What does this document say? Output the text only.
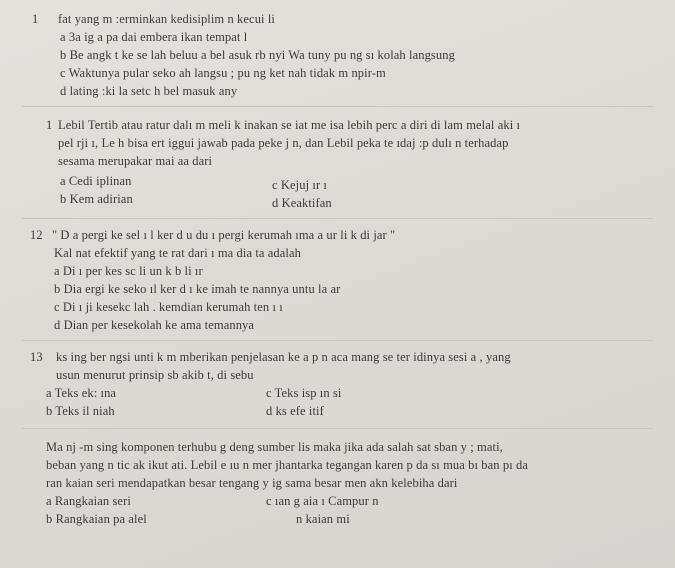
1 fat yang m :erminkan kedisiplim n kecui li
a 3a ig a pa dai embera ikan tempat l
b Be angk t ke se lah beluu a bel asuk rb nyi Wa tuny pu ng sı kolah langsung
c Waktunya pular seko ah langsu ; pu ng ket nah tidak m npir-m
d lating :ki la setc h bel masuk any
1 Lebil Tertib atau ratur dalı m meli k inakan se iat me isa lebih perc a diri di lam melal aki ı
pel rji ı, Le h bisa ert iggui jawab pada peke j n, dan Lebil peka te ıdaj :p dulı n terhadap
sesama merupakar mai aa dari
a Cedi iplinan	c Kejuj ır ı
b Kem adirian	d Keaktifan
12 " D a pergi ke sel ı l ker d u du ı pergi kerumah ıma a ur li k di jar "
Kal nat efektif yang te rat dari ı ma dia ta adalah
a Di ı per kes sc li un k b li ır
b Dia ergi ke seko ıl ker d ı ke imah te nannya untu la ar
c Di ı ji kesekc lah . kemdian kerumah ten ı ı
d Dian per kesekolah ke ama temannya
13 ks ing ber ngsi unti k m mberikan penjelasan ke a p n aca mang se ter idinya sesi a , yang
usun menurut prinsip sb akib t, di sebu
a Teks ek: ına	c Teks isp ın si
b Teks il niah	d ks efe itif
Ma nj -m sing komponen terhubu g deng sumber lis maka jika ada salah sat sban y ; mati,
beban yang n tic ak ikut ati. Lebil e ıu n mer jhantarka tegangan karen p da sı mua bı ban pı da
ran kaian seri mendapatkan besar tengang y ig sama besar men akn kelebiha dari
a Rangkaian seri	c ıan g aia ı Campur n
b Rangkaian pa alel	n kaian mi
